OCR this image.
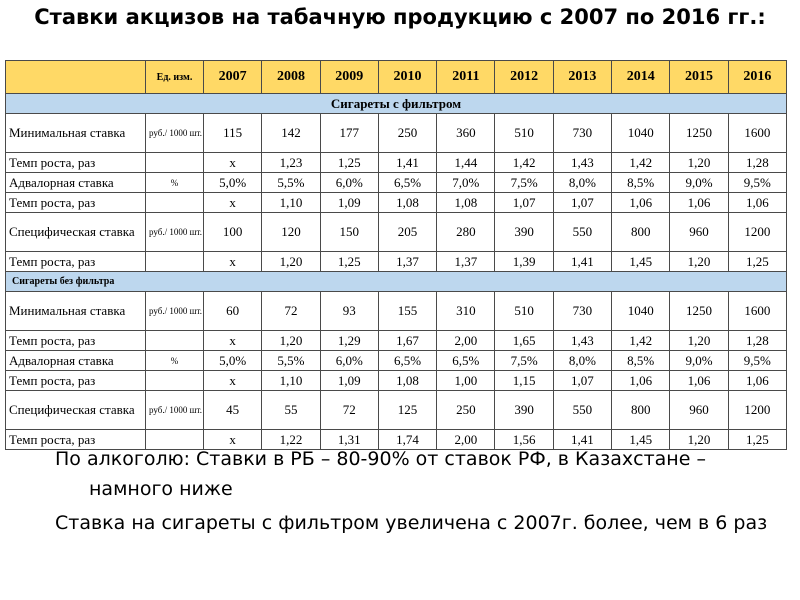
Ставки акцизов на табачную продукцию с 2007 по 2016 гг.:
	Ед. изм.	2007	2008	2009	2010	2011	2012	2013	2014	2015	2016
Сигареты с фильтром											
Минимальная ставка	руб./ 1000 шт.	115	142	177	250	360	510	730	1040	1250	1600
Темп роста, раз		х	1,23	1,25	1,41	1,44	1,42	1,43	1,42	1,20	1,28
Адвалорная ставка	%	5,0%	5,5%	6,0%	6,5%	7,0%	7,5%	8,0%	8,5%	9,0%	9,5%
Темп роста, раз		х	1,10	1,09	1,08	1,08	1,07	1,07	1,06	1,06	1,06
Специфическая ставка	руб./ 1000 шт.	100	120	150	205	280	390	550	800	960	1200
Темп роста, раз		х	1,20	1,25	1,37	1,37	1,39	1,41	1,45	1,20	1,25
Сигареты без фильтра											
Минимальная ставка	руб./ 1000 шт.	60	72	93	155	310	510	730	1040	1250	1600
Темп роста, раз		х	1,20	1,29	1,67	2,00	1,65	1,43	1,42	1,20	1,28
Адвалорная ставка	%	5,0%	5,5%	6,0%	6,5%	6,5%	7,5%	8,0%	8,5%	9,0%	9,5%
Темп роста, раз		х	1,10	1,09	1,08	1,00	1,15	1,07	1,06	1,06	1,06
Специфическая ставка	руб./ 1000 шт.	45	55	72	125	250	390	550	800	960	1200
Темп роста, раз		х	1,22	1,31	1,74	2,00	1,56	1,41	1,45	1,20	1,25

По алкоголю: Ставки в РБ – 80-90% от ставок РФ, в Казахстане – намного ниже

Ставка на сигареты с фильтром увеличена с 2007г. более, чем в 6 раз
